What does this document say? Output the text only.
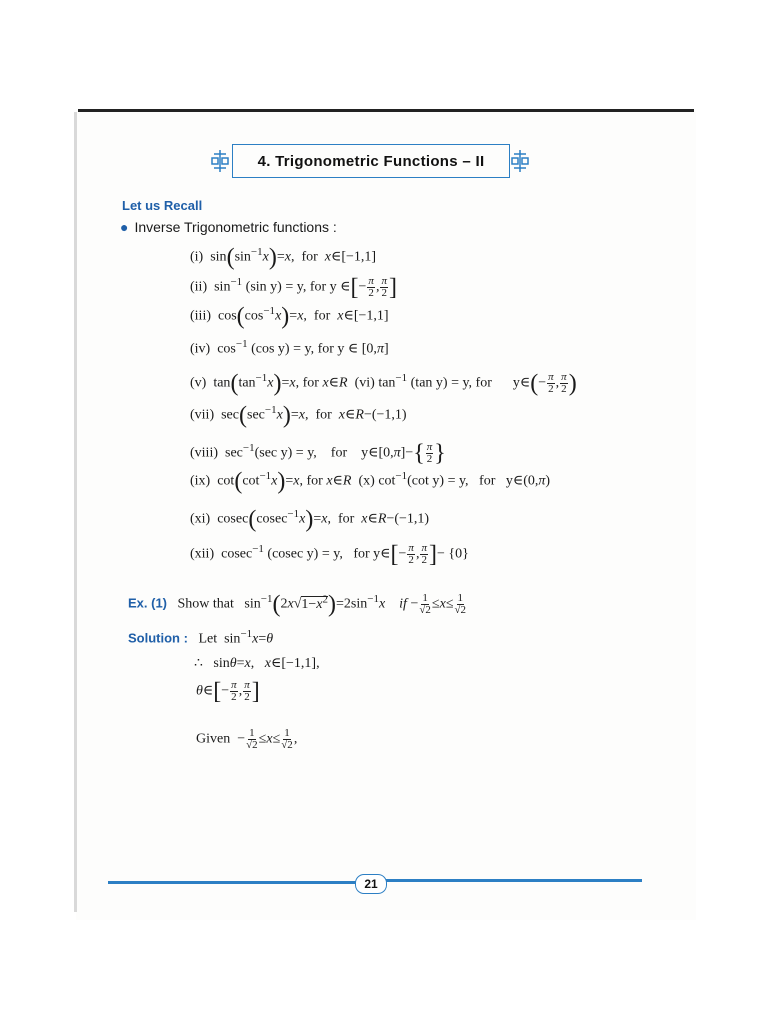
4. Trigonometric Functions – II
Let us Recall
● Inverse Trigonometric functions :
(i)  $\sin(\sin^{-1}x)=x$,  for  x∈[−1,1]
(ii)  $\sin^{-1} (\sin$ y) = y, for y ∈[− $\frac{\pi}{2}$ , $\frac{\pi}{2}$ ]
(iii)  $\cos(\cos^{-1}x)=x$,  for  x∈[−1,1]
(iv)  $\cos^{-1} (\cos$ y) = y, for y ∈ [0,π]
(v)  $\tan(\tan^{-1}x)=x$, for x∈R (vi) $\tan^{-1} (\tan$ y) = y, for      y∈(− $\frac{\pi}{2}$ , $\frac{\pi}{2}$ )
(vii)  $\sec(\sec^{-1}x)=x$,  for  x∈R−(−1,1)
(viii)  $\sec^{-1}(\sec$ y) = y,    for    y∈[0,π]−{ $\frac{\pi}{2}$ }
(ix)  $\cot(\cot^{-1}x)=x$, for x∈R (x) $\cot^{-1}(\cot$ y) = y,   for   y∈(0,π)
(xi)  cosec(cosec$^{-1}$x)=x,  for  x∈R−(−1,1)
(xii)  cosec$^{-1}$ (cosec y) = y,   for y∈[− $\frac{\pi}{2}$ , $\frac{\pi}{2}$ ]− {0}
Ex. (1) Show that   $\sin^{-1}(2x√1-x^2)=2\sin^{-1}x$ if − $\frac{1}{√2} \le x\le \frac{1}{√2}$
Solution : Let  $\sin^{-1}x=\theta$
∴   sinθ=x,   x∈[−1,1],
θ∈[− $\frac{\pi}{2}$ , $\frac{\pi}{2}$ ]
Given  − $\frac{1}{√2} \le x\le \frac{1}{√2}$ ,
21
